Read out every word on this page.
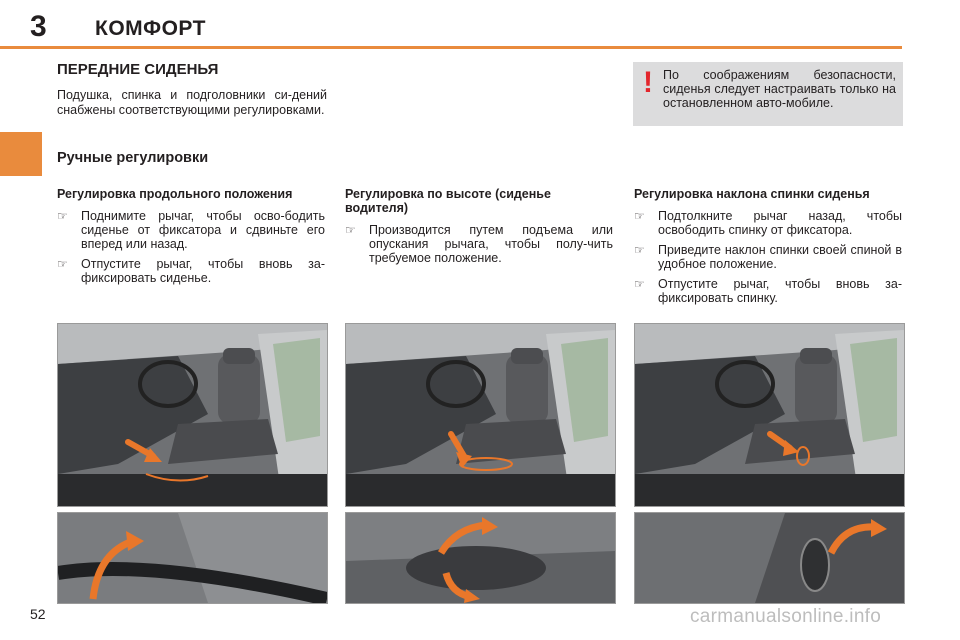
3 КОМФОРТ
ПЕРЕДНИЕ СИДЕНЬЯ
Подушка, спинка и подголовники си-дений снабжены соответствующими регулировками.
! По соображениям безопасности, сиденья следует настраивать только на остановленном авто-мобиле.
Ручные регулировки
Регулировка продольного положения
☞ Поднимите рычаг, чтобы осво-бодить сиденье от фиксатора и сдвиньте его вперед или назад.
☞ Отпустите рычаг, чтобы вновь за-фиксировать сиденье.
Регулировка по высоте (сиденье водителя)
☞ Производится путем подъема или опускания рычага, чтобы полу-чить требуемое положение.
Регулировка наклона спинки сиденья
☞ Подтолкните рычаг назад, чтобы освободить спинку от фиксатора.
☞ Приведите наклон спинки своей спиной в удобное положение.
☞ Отпустите рычаг, чтобы вновь за-фиксировать спинку.
52	carmanualsonline.info
